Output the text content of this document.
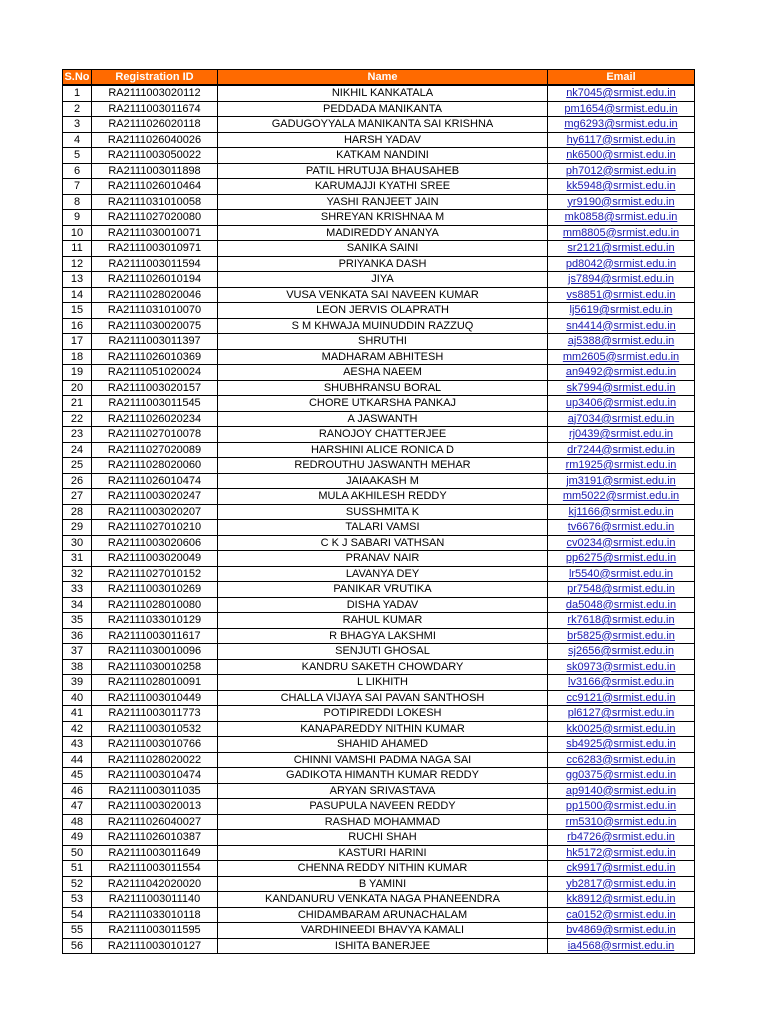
S.No	Registration ID	Name	Email
1	RA2111003020112	NIKHIL KANKATALA	nk7045@srmist.edu.in
2	RA2111003011674	PEDDADA MANIKANTA	pm1654@srmist.edu.in
3	RA2111026020118	GADUGOYYALA MANIKANTA SAI KRISHNA	mg6293@srmist.edu.in
4	RA2111026040026	HARSH YADAV	hy6117@srmist.edu.in
5	RA2111003050022	KATKAM NANDINI	nk6500@srmist.edu.in
6	RA2111003011898	PATIL HRUTUJA BHAUSAHEB	ph7012@srmist.edu.in
7	RA2111026010464	KARUMAJJI KYATHI SREE	kk5948@srmist.edu.in
8	RA2111031010058	YASHI RANJEET JAIN	yr9190@srmist.edu.in
9	RA2111027020080	SHREYAN KRISHNAA M	mk0858@srmist.edu.in
10	RA2111030010071	MADIREDDY ANANYA	mm8805@srmist.edu.in
11	RA2111003010971	SANIKA SAINI	sr2121@srmist.edu.in
12	RA2111003011594	PRIYANKA DASH	pd8042@srmist.edu.in
13	RA2111026010194	JIYA	js7894@srmist.edu.in
14	RA2111028020046	VUSA VENKATA SAI NAVEEN KUMAR	vs8851@srmist.edu.in
15	RA2111031010070	LEON JERVIS OLAPRATH	lj5619@srmist.edu.in
16	RA2111030020075	S M KHWAJA MUINUDDIN RAZZUQ	sn4414@srmist.edu.in
17	RA2111003011397	SHRUTHI	aj5388@srmist.edu.in
18	RA2111026010369	MADHARAM ABHITESH	mm2605@srmist.edu.in
19	RA2111051020024	AESHA NAEEM	an9492@srmist.edu.in
20	RA2111003020157	SHUBHRANSU BORAL	sk7994@srmist.edu.in
21	RA2111003011545	CHORE UTKARSHA PANKAJ	up3406@srmist.edu.in
22	RA2111026020234	A JASWANTH	aj7034@srmist.edu.in
23	RA2111027010078	RANOJOY CHATTERJEE	rj0439@srmist.edu.in
24	RA2111027020089	HARSHINI ALICE RONICA D	dr7244@srmist.edu.in
25	RA2111028020060	REDROUTHU JASWANTH MEHAR	rm1925@srmist.edu.in
26	RA2111026010474	JAIAAKASH M	jm3191@srmist.edu.in
27	RA2111003020247	MULA AKHILESH REDDY	mm5022@srmist.edu.in
28	RA2111003020207	SUSSHMITA K	kj1166@srmist.edu.in
29	RA2111027010210	TALARI VAMSI	tv6676@srmist.edu.in
30	RA2111003020606	C K J SABARI VATHSAN	cv0234@srmist.edu.in
31	RA2111003020049	PRANAV NAIR	pp6275@srmist.edu.in
32	RA2111027010152	LAVANYA DEY	lr5540@srmist.edu.in
33	RA2111003010269	PANIKAR VRUTIKA	pr7548@srmist.edu.in
34	RA2111028010080	DISHA YADAV	da5048@srmist.edu.in
35	RA2111033010129	RAHUL KUMAR	rk7618@srmist.edu.in
36	RA2111003011617	R BHAGYA LAKSHMI	br5825@srmist.edu.in
37	RA2111030010096	SENJUTI GHOSAL	sj2656@srmist.edu.in
38	RA2111030010258	KANDRU SAKETH CHOWDARY	sk0973@srmist.edu.in
39	RA2111028010091	L LIKHITH	lv3166@srmist.edu.in
40	RA2111003010449	CHALLA VIJAYA SAI PAVAN SANTHOSH	cc9121@srmist.edu.in
41	RA2111003011773	POTIPIREDDI LOKESH	pl6127@srmist.edu.in
42	RA2111003010532	KANAPAREDDY NITHIN KUMAR	kk0025@srmist.edu.in
43	RA2111003010766	SHAHID AHAMED	sb4925@srmist.edu.in
44	RA2111028020022	CHINNI VAMSHI PADMA NAGA SAI	cc6283@srmist.edu.in
45	RA2111003010474	GADIKOTA HIMANTH KUMAR REDDY	gg0375@srmist.edu.in
46	RA2111003011035	ARYAN SRIVASTAVA	ap9140@srmist.edu.in
47	RA2111003020013	PASUPULA NAVEEN REDDY	pp1500@srmist.edu.in
48	RA2111026040027	RASHAD MOHAMMAD	rm5310@srmist.edu.in
49	RA2111026010387	RUCHI SHAH	rb4726@srmist.edu.in
50	RA2111003011649	KASTURI HARINI	hk5172@srmist.edu.in
51	RA2111003011554	CHENNA REDDY NITHIN KUMAR	ck9917@srmist.edu.in
52	RA2111042020020	B YAMINI	yb2817@srmist.edu.in
53	RA2111003011140	KANDANURU VENKATA NAGA PHANEENDRA	kk8912@srmist.edu.in
54	RA2111033010118	CHIDAMBARAM ARUNACHALAM	ca0152@srmist.edu.in
55	RA2111003011595	VARDHINEEDI BHAVYA KAMALI	bv4869@srmist.edu.in
56	RA2111003010127	ISHITA BANERJEE	ia4568@srmist.edu.in
